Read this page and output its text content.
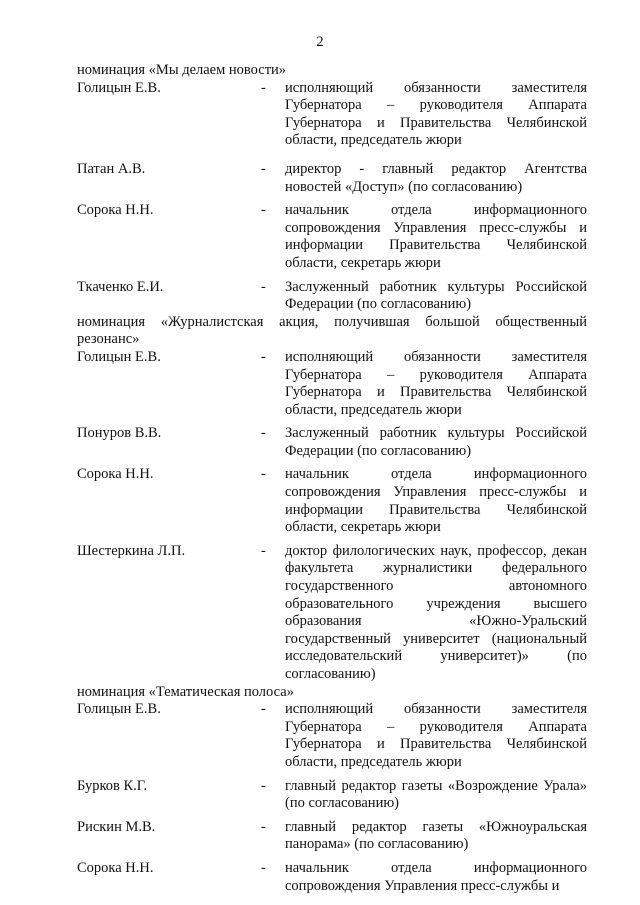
2
номинация «Мы делаем новости»
Голицын Е.В.	-	исполняющий обязанности заместителя Губернатора – руководителя Аппарата Губернатора и Правительства Челябинской области, председатель жюри
Патан А.В.	-	директор - главный редактор Агентства новостей «Доступ» (по согласованию)
Сорока Н.Н.	-	начальник отдела информационного сопровождения Управления пресс-службы и информации Правительства Челябинской области, секретарь жюри
Ткаченко Е.И.	-	Заслуженный работник культуры Российской Федерации (по согласованию)
номинация «Журналистская акция, получившая большой общественный резонанс»
Голицын Е.В.	-	исполняющий обязанности заместителя Губернатора – руководителя Аппарата Губернатора и Правительства Челябинской области, председатель жюри
Понуров В.В.	-	Заслуженный работник культуры Российской Федерации (по согласованию)
Сорока Н.Н.	-	начальник отдела информационного сопровождения Управления пресс-службы и информации Правительства Челябинской области, секретарь жюри
Шестеркина Л.П.	-	доктор филологических наук, профессор, декан факультета журналистики федерального государственного автономного образовательного учреждения высшего образования «Южно-Уральский государственный университет (национальный исследовательский университет)» (по согласованию)
номинация «Тематическая полоса»
Голицын Е.В.	-	исполняющий обязанности заместителя Губернатора – руководителя Аппарата Губернатора и Правительства Челябинской области, председатель жюри
Бурков К.Г.	-	главный редактор газеты «Возрождение Урала» (по согласованию)
Рискин М.В.	-	главный редактор газеты «Южноуральская панорама» (по согласованию)
Сорока Н.Н.	-	начальник отдела информационного сопровождения Управления пресс-службы и
